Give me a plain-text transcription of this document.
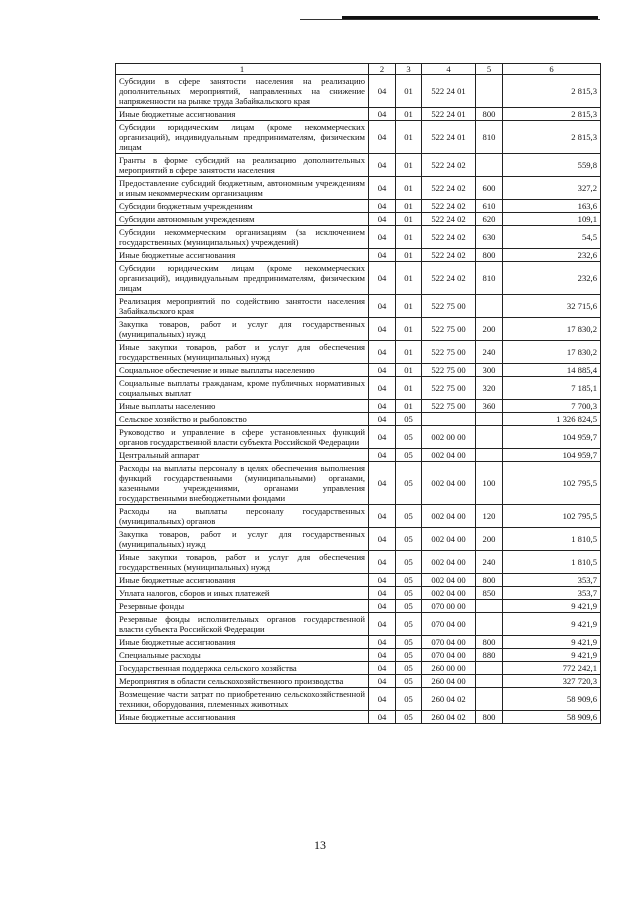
1	2	3	4	5	6
Субсидии в сфере занятости населения на реализацию дополнительных мероприятий, направленных на снижение напряженности на рынке труда Забайкальского края	04	01	522 24 01		2 815,3
Иные бюджетные ассигнования	04	01	522 24 01	800	2 815,3
Субсидии юридическим лицам (кроме некоммерческих организаций), индивидуальным предпринимателям, физическим лицам	04	01	522 24 01	810	2 815,3
Гранты в форме субсидий на реализацию дополнительных мероприятий в сфере занятости населения	04	01	522 24 02		559,8
Предоставление субсидий бюджетным, автономным учреждениям и иным некоммерческим организациям	04	01	522 24 02	600	327,2
Субсидии бюджетным учреждениям	04	01	522 24 02	610	163,6
Субсидии автономным учреждениям	04	01	522 24 02	620	109,1
Субсидии некоммерческим организациям (за исключением государственных (муниципальных) учреждений)	04	01	522 24 02	630	54,5
Иные бюджетные ассигнования	04	01	522 24 02	800	232,6
Субсидии юридическим лицам (кроме некоммерческих организаций), индивидуальным предпринимателям, физическим лицам	04	01	522 24 02	810	232,6
Реализация мероприятий по содействию занятости населения Забайкальского края	04	01	522 75 00		32 715,6
Закупка товаров, работ и услуг для государственных (муниципальных) нужд	04	01	522 75 00	200	17 830,2
Иные закупки товаров, работ и услуг для обеспечения государственных (муниципальных) нужд	04	01	522 75 00	240	17 830,2
Социальное обеспечение и иные выплаты населению	04	01	522 75 00	300	14 885,4
Социальные выплаты гражданам, кроме публичных нормативных социальных выплат	04	01	522 75 00	320	7 185,1
Иные выплаты населению	04	01	522 75 00	360	7 700,3
Сельское хозяйство и рыболовство	04	05			1 326 824,5
Руководство и управление в сфере установленных функций органов государственной власти субъекта Российской Федерации	04	05	002 00 00		104 959,7
Центральный аппарат	04	05	002 04 00		104 959,7
Расходы на выплаты персоналу в целях обеспечения выполнения функций государственными (муниципальными) органами, казенными учреждениями, органами управления государственными внебюджетными фондами	04	05	002 04 00	100	102 795,5
Расходы на выплаты персоналу государственных (муниципальных) органов	04	05	002 04 00	120	102 795,5
Закупка товаров, работ и услуг для государственных (муниципальных) нужд	04	05	002 04 00	200	1 810,5
Иные закупки товаров, работ и услуг для обеспечения государственных (муниципальных) нужд	04	05	002 04 00	240	1 810,5
Иные бюджетные ассигнования	04	05	002 04 00	800	353,7
Уплата налогов, сборов и иных платежей	04	05	002 04 00	850	353,7
Резервные фонды	04	05	070 00 00		9 421,9
Резервные фонды исполнительных органов государственной власти субъекта Российской Федерации	04	05	070 04 00		9 421,9
Иные бюджетные ассигнования	04	05	070 04 00	800	9 421,9
Специальные расходы	04	05	070 04 00	880	9 421,9
Государственная поддержка сельского хозяйства	04	05	260 00 00		772 242,1
Мероприятия в области сельскохозяйственного производства	04	05	260 04 00		327 720,3
Возмещение части затрат по приобретению сельскохозяйственной техники, оборудования, племенных животных	04	05	260 04 02		58 909,6
Иные бюджетные ассигнования	04	05	260 04 02	800	58 909,6
13
